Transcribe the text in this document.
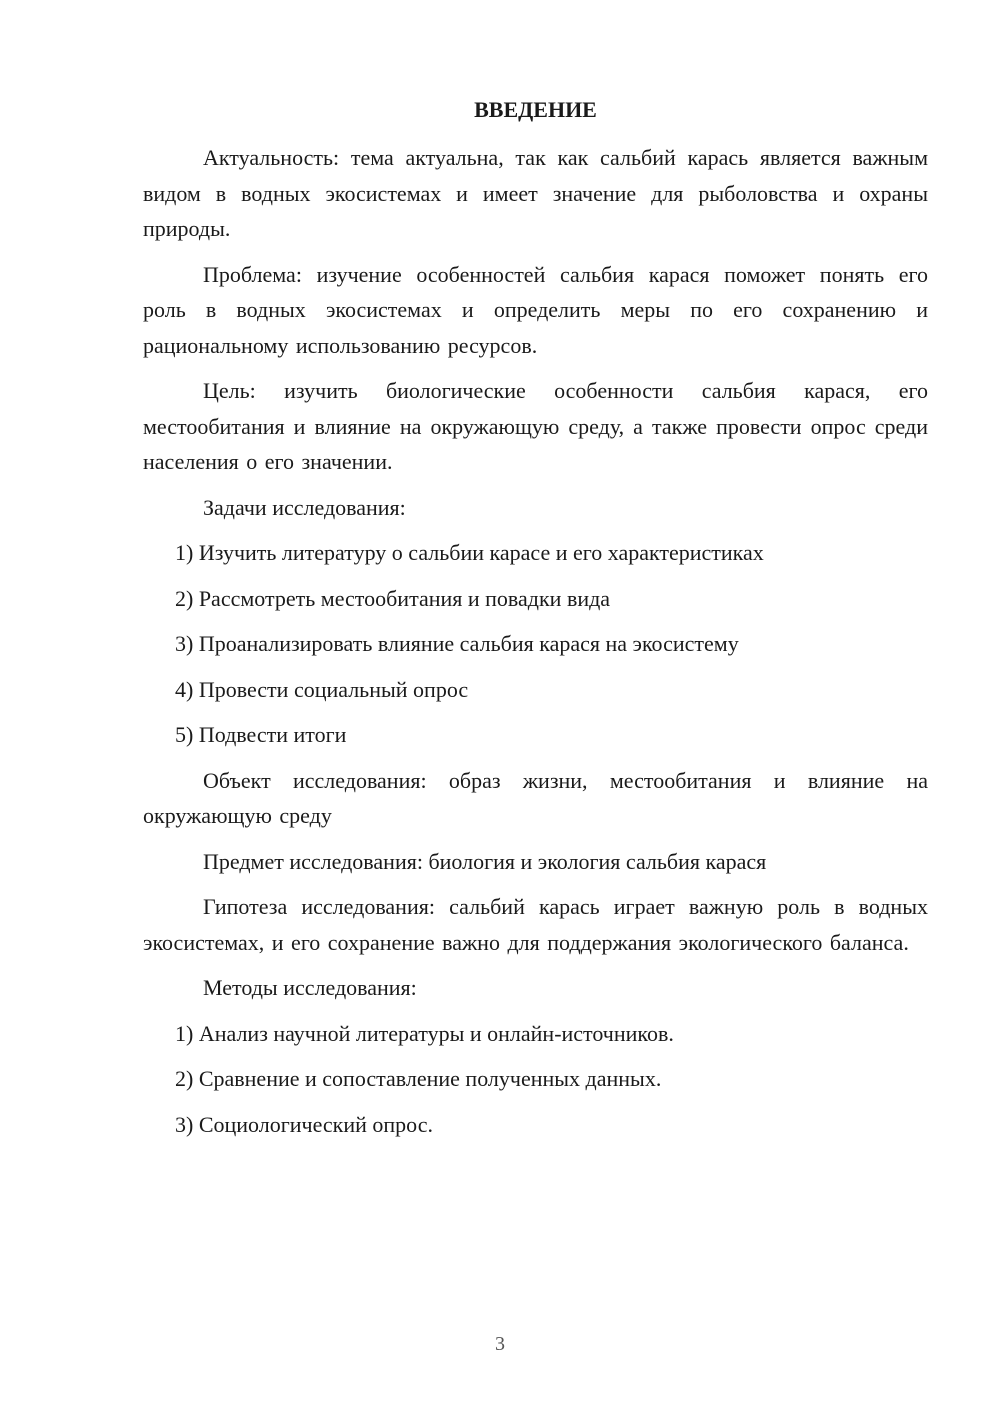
ВВЕДЕНИЕ

Актуальность: тема актуальна, так как сальбий карась является важным видом в водных экосистемах и имеет значение для рыболовства и охраны природы.

Проблема: изучение особенностей сальбия карася поможет понять его роль в водных экосистемах и определить меры по его сохранению и рациональному использованию ресурсов.

Цель: изучить биологические особенности сальбия карася, его местообитания и влияние на окружающую среду, а также провести опрос среди населения о его значении.

Задачи исследования:

1) Изучить литературу о сальбии карасе и его характеристиках

2) Рассмотреть местообитания и повадки вида

3) Проанализировать влияние сальбия карася на экосистему

4) Провести социальный опрос

5) Подвести итоги

Объект исследования: образ жизни, местообитания и влияние на окружающую среду

Предмет исследования: биология и экология сальбия карася

Гипотеза исследования: сальбий карась играет важную роль в водных экосистемах, и его сохранение важно для поддержания экологического баланса.

Методы исследования:

1) Анализ научной литературы и онлайн-источников.

2) Сравнение и сопоставление полученных данных.

3) Социологический опрос.

3
